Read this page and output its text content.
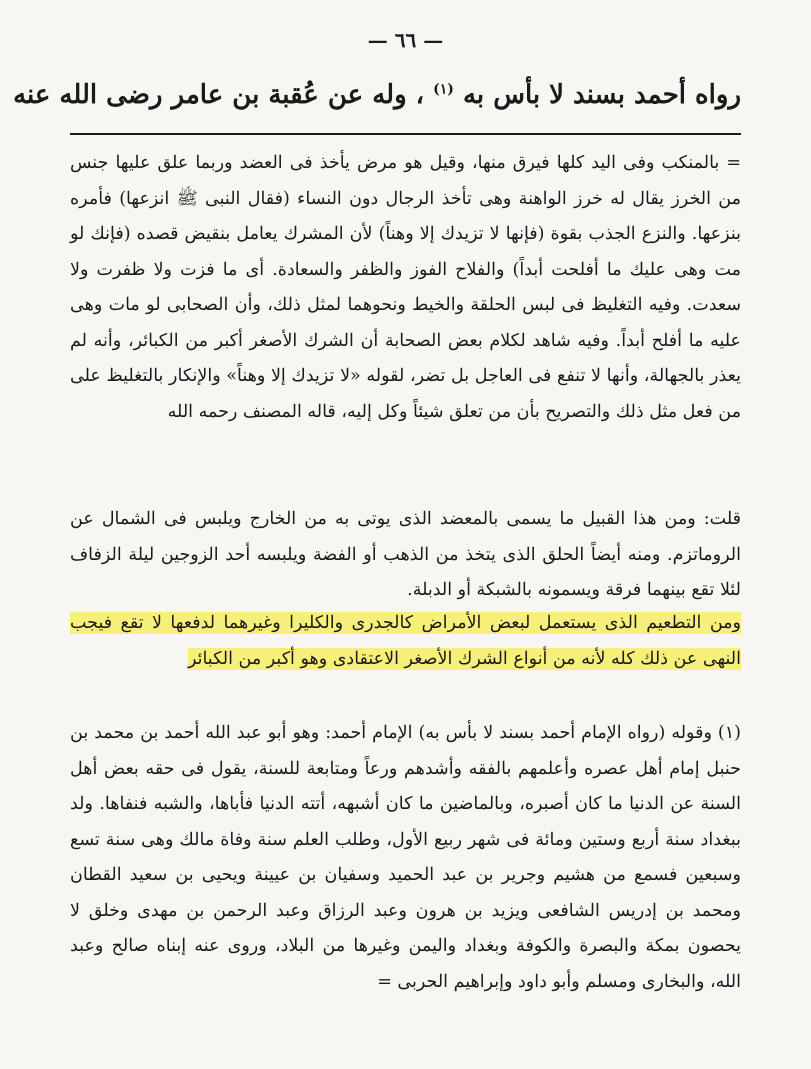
— ٦٦ —
رواه أحمد بسند لا بأس به $^{(١)}$ ، وله عن عُقبة بن عامر رضى الله عنه
= بالمنكب وفى اليد كلها فيرق منها، وقيل هو مرض يأخذ فى العضد وربما علق عليها جنس من الخرز يقال له خرز الواهنة وهى تأخذ الرجال دون النساء (فقال النبى ﷺ انزعها) فأمره بنزعها. والنزع الجذب بقوة (فإنها لا تزيدك إلا وهناً) لأن المشرك يعامل بنقيض قصده (فإنك لو مت وهى عليك ما أفلحت أبداً) والفلاح الفوز والظفر والسعادة. أى ما فزت ولا ظفرت ولا سعدت. وفيه التغليظ فى لبس الحلقة والخيط ونحوهما لمثل ذلك، وأن الصحابى لو مات وهى عليه ما أفلح أبداً. وفيه شاهد لكلام بعض الصحابة أن الشرك الأصغر أكبر من الكبائر، وأنه لم يعذر بالجهالة، وأنها لا تنفع فى العاجل بل تضر، لقوله «لا تزيدك إلا وهناً» والإنكار بالتغليظ على من فعل مثل ذلك والتصريح بأن من تعلق شيئاً وكل إليه، قاله المصنف رحمه الله
قلت: ومن هذا القبيل ما يسمى بالمعضد الذى يوتى به من الخارج ويلبس فى الشمال عن الروماتزم. ومنه أيضاً الحلق الذى يتخذ من الذهب أو الفضة ويلبسه أحد الزوجين ليلة الزفاف لئلا تقع بينهما فرقة ويسمونه بالشبكة أو الدبلة.
ومن التطعيم الذى يستعمل لبعض الأمراض كالجدرى والكليرا وغيرهما لدفعها لا تقع فيجب النهى عن ذلك كله لأنه من أنواع الشرك الأصغر الاعتقادى وهو أكبر من الكبائر
(١) وقوله (رواه الإمام أحمد بسند لا بأس به) الإمام أحمد: وهو أبو عبد الله أحمد بن محمد بن حنبل إمام أهل عصره وأعلمهم بالفقه وأشدهم ورعاً ومتابعة للسنة، يقول فى حقه بعض أهل السنة عن الدنيا ما كان أصبره، وبالماضين ما كان أشبهه، أتته الدنيا فأباها، والشبه فنفاها. ولد ببغداد سنة أربع وستين ومائة فى شهر ربيع الأول، وطلب العلم سنة وفاة مالك وهى سنة تسع وسبعين فسمع من هشيم وجرير بن عبد الحميد وسفيان بن عيينة ويحيى بن سعيد القطان ومحمد بن إدريس الشافعى ويزيد بن هرون وعبد الرزاق وعبد الرحمن بن مهدى وخلق لا يحصون بمكة والبصرة والكوفة وبغداد واليمن وغيرها من البلاد، وروى عنه إبناه صالح وعبد الله، والبخارى ومسلم وأبو داود وإبراهيم الحربى =
